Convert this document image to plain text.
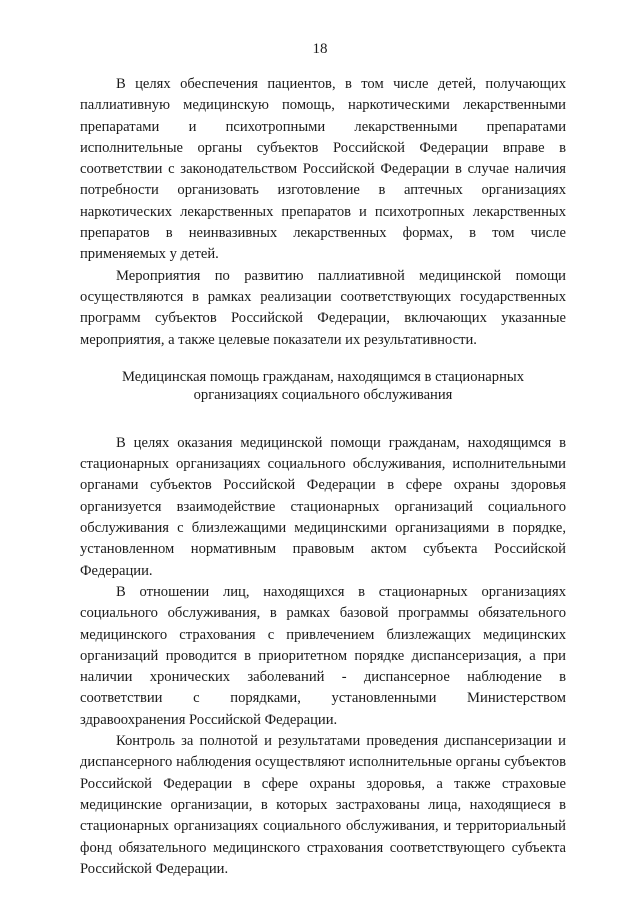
18

В целях обеспечения пациентов, в том числе детей, получающих паллиативную медицинскую помощь, наркотическими лекарственными препаратами и психотропными лекарственными препаратами исполнительные органы субъектов Российской Федерации вправе в соответствии с законодательством Российской Федерации в случае наличия потребности организовать изготовление в аптечных организациях наркотических лекарственных препаратов и психотропных лекарственных препаратов в неинвазивных лекарственных формах, в том числе применяемых у детей.

Мероприятия по развитию паллиативной медицинской помощи осуществляются в рамках реализации соответствующих государственных программ субъектов Российской Федерации, включающих указанные мероприятия, а также целевые показатели их результативности.

Медицинская помощь гражданам, находящимся в стационарных

организациях социального обслуживания

В целях оказания медицинской помощи гражданам, находящимся в стационарных организациях социального обслуживания, исполнительными органами субъектов Российской Федерации в сфере охраны здоровья организуется взаимодействие стационарных организаций социального обслуживания с близлежащими медицинскими организациями в порядке, установленном нормативным правовым актом субъекта Российской Федерации.

В отношении лиц, находящихся в стационарных организациях социального обслуживания, в рамках базовой программы обязательного медицинского страхования с привлечением близлежащих медицинских организаций проводится в приоритетном порядке диспансеризация, а при наличии хронических заболеваний - диспансерное наблюдение в соответствии с порядками, установленными Министерством здравоохранения Российской Федерации.

Контроль за полнотой и результатами проведения диспансеризации и диспансерного наблюдения осуществляют исполнительные органы субъектов Российской Федерации в сфере охраны здоровья, а также страховые медицинские организации, в которых застрахованы лица, находящиеся в стационарных организациях социального обслуживания, и территориальный фонд обязательного медицинского страхования соответствующего субъекта Российской Федерации.
